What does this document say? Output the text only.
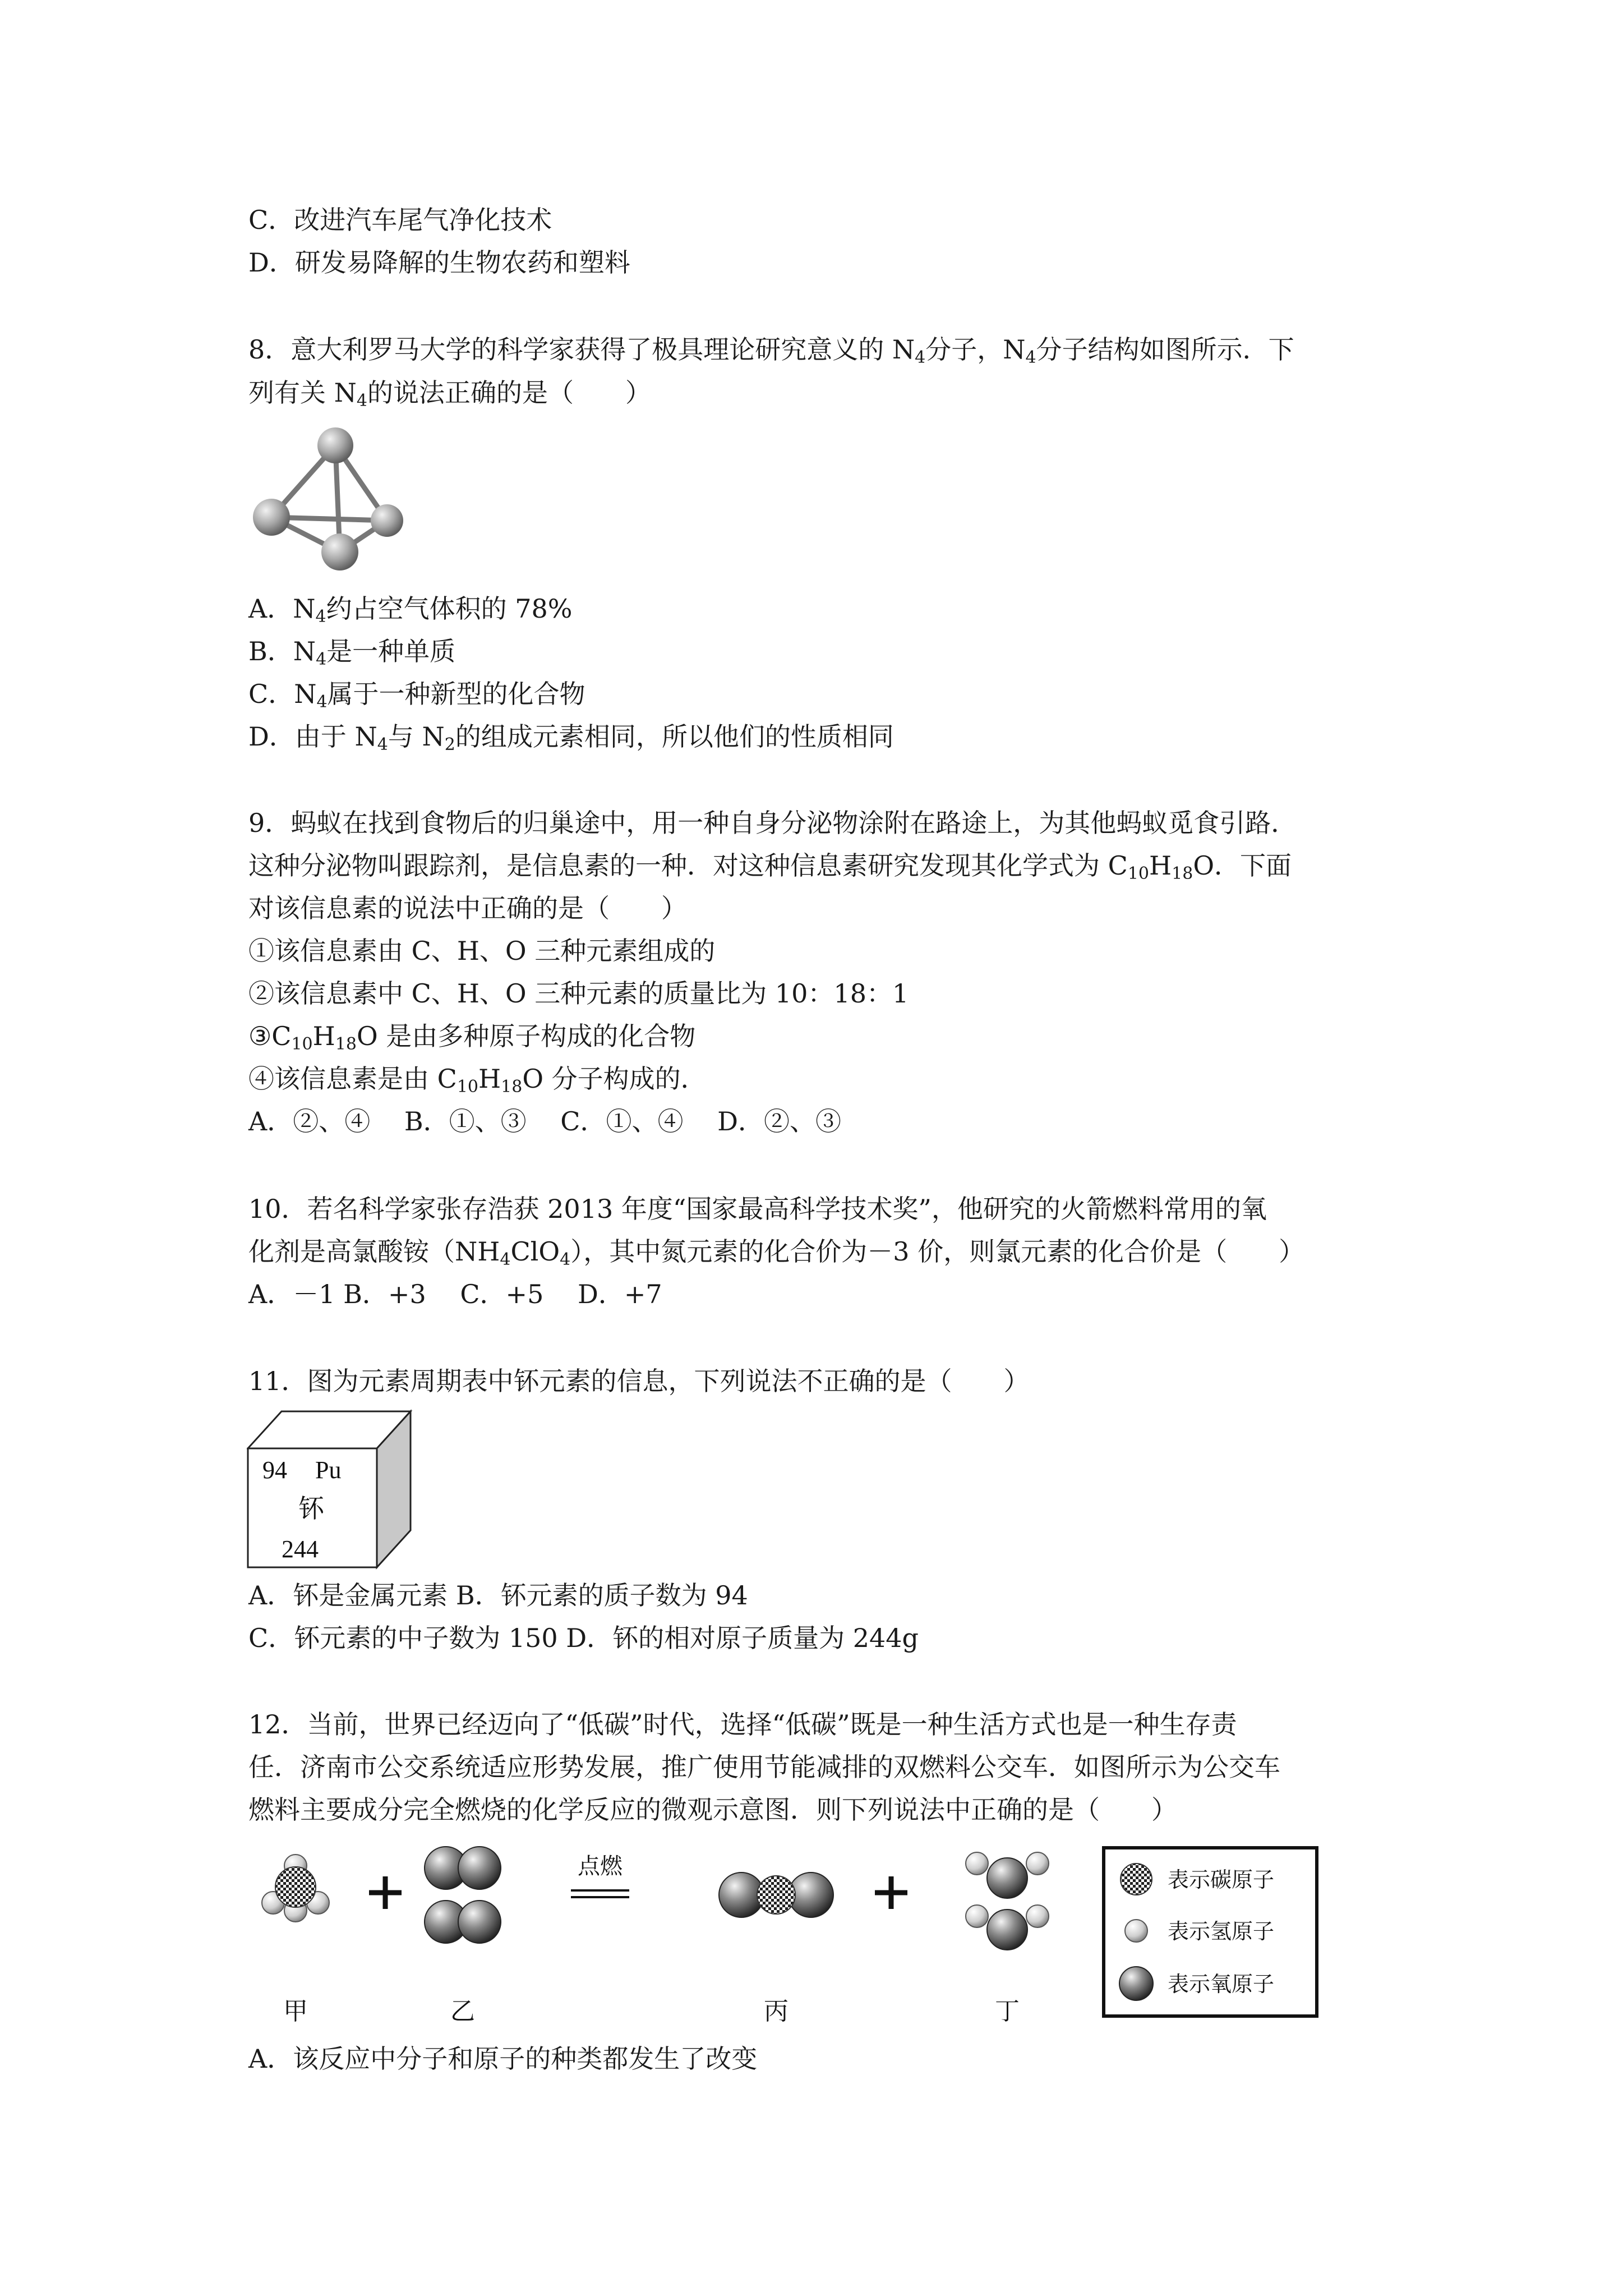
C．改进汽车尾气净化技术
D．研发易降解的生物农药和塑料
8．意大利罗马大学的科学家获得了极具理论研究意义的 $N_4$分子，$N_4$分子结构如图所示．下
列有关 $N_4$的说法正确的是（　　）
A．$N_4$约占空气体积的 78%
B．$N_4$是一种单质
C．$N_4$属于一种新型的化合物
D．由于 $N_4$与 $N_2$的组成元素相同，所以他们的性质相同
9．蚂蚁在找到食物后的归巢途中，用一种自身分泌物涂附在路途上，为其他蚂蚁觅食引路．
这种分泌物叫跟踪剂，是信息素的一种．对这种信息素研究发现其化学式为 $C_{10}H_{18}O$．下面
对该信息素的说法中正确的是（　　）
①该信息素由 C、H、O 三种元素组成的
②该信息素中 C、H、O 三种元素的质量比为 10：18：1
$③C_{10}H_{18}O$ 是由多种原子构成的化合物
④该信息素是由 $C_{10}H_{18}O$ 分子构成的．
A．②、④　 B．①、③　 C．①、④　 D．②、③
10．若名科学家张存浩获 2013 年度“国家最高科学技术奖”，他研究的火箭燃料常用的氧
化剂是高氯酸铵$(NH_4ClO_4)$，其中氮元素的化合价为－3 价，则氯元素的化合价是（　　）
A．－1 B．+3　 C．+5　 D．+7
11．图为元素周期表中钚元素的信息，下列说法不正确的是（　　）
94 Pu
钚
244
A．钚是金属元素 B．钚元素的质子数为 94
C．钚元素的中子数为 150 D．钚的相对原子质量为 244g
12．当前，世界已经迈向了“低碳”时代，选择“低碳”既是一种生活方式也是一种生存责
任．济南市公交系统适应形势发展，推广使用节能减排的双燃料公交车．如图所示为公交车
燃料主要成分完全燃烧的化学反应的微观示意图．则下列说法中正确的是（　　）
点燃
甲	乙	丙	丁
表示碳原子
表示氢原子
表示氧原子
A．该反应中分子和原子的种类都发生了改变
